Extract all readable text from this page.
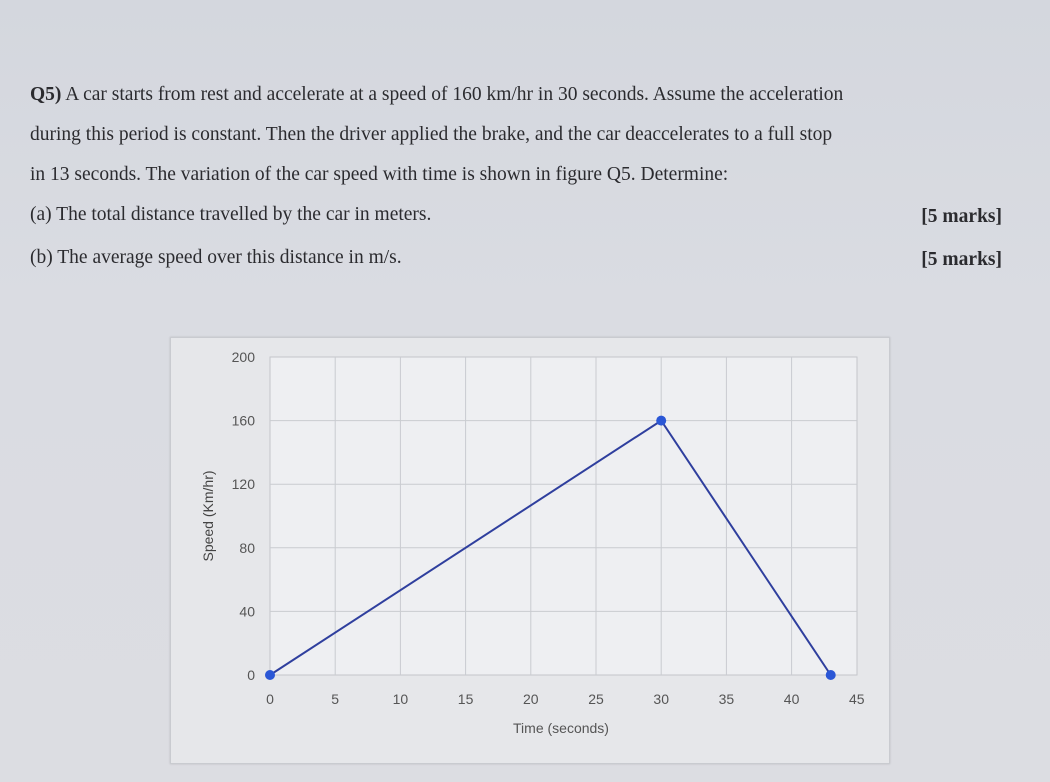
Q5) A car starts from rest and accelerate at a speed of 160 km/hr in 30 seconds. Assume the acceleration
during this period is constant. Then the driver applied the brake, and the car deaccelerates to a full stop
in 13 seconds. The variation of the car speed with time is shown in figure Q5. Determine:
(a) The total distance travelled by the car in meters.	[5 marks]
(b) The average speed over this distance in m/s.	[5 marks]
0	5	10	15	20	25	30	35	40	45
0
40
80
120
160
200
Time (seconds)
Speed (Km/hr)
